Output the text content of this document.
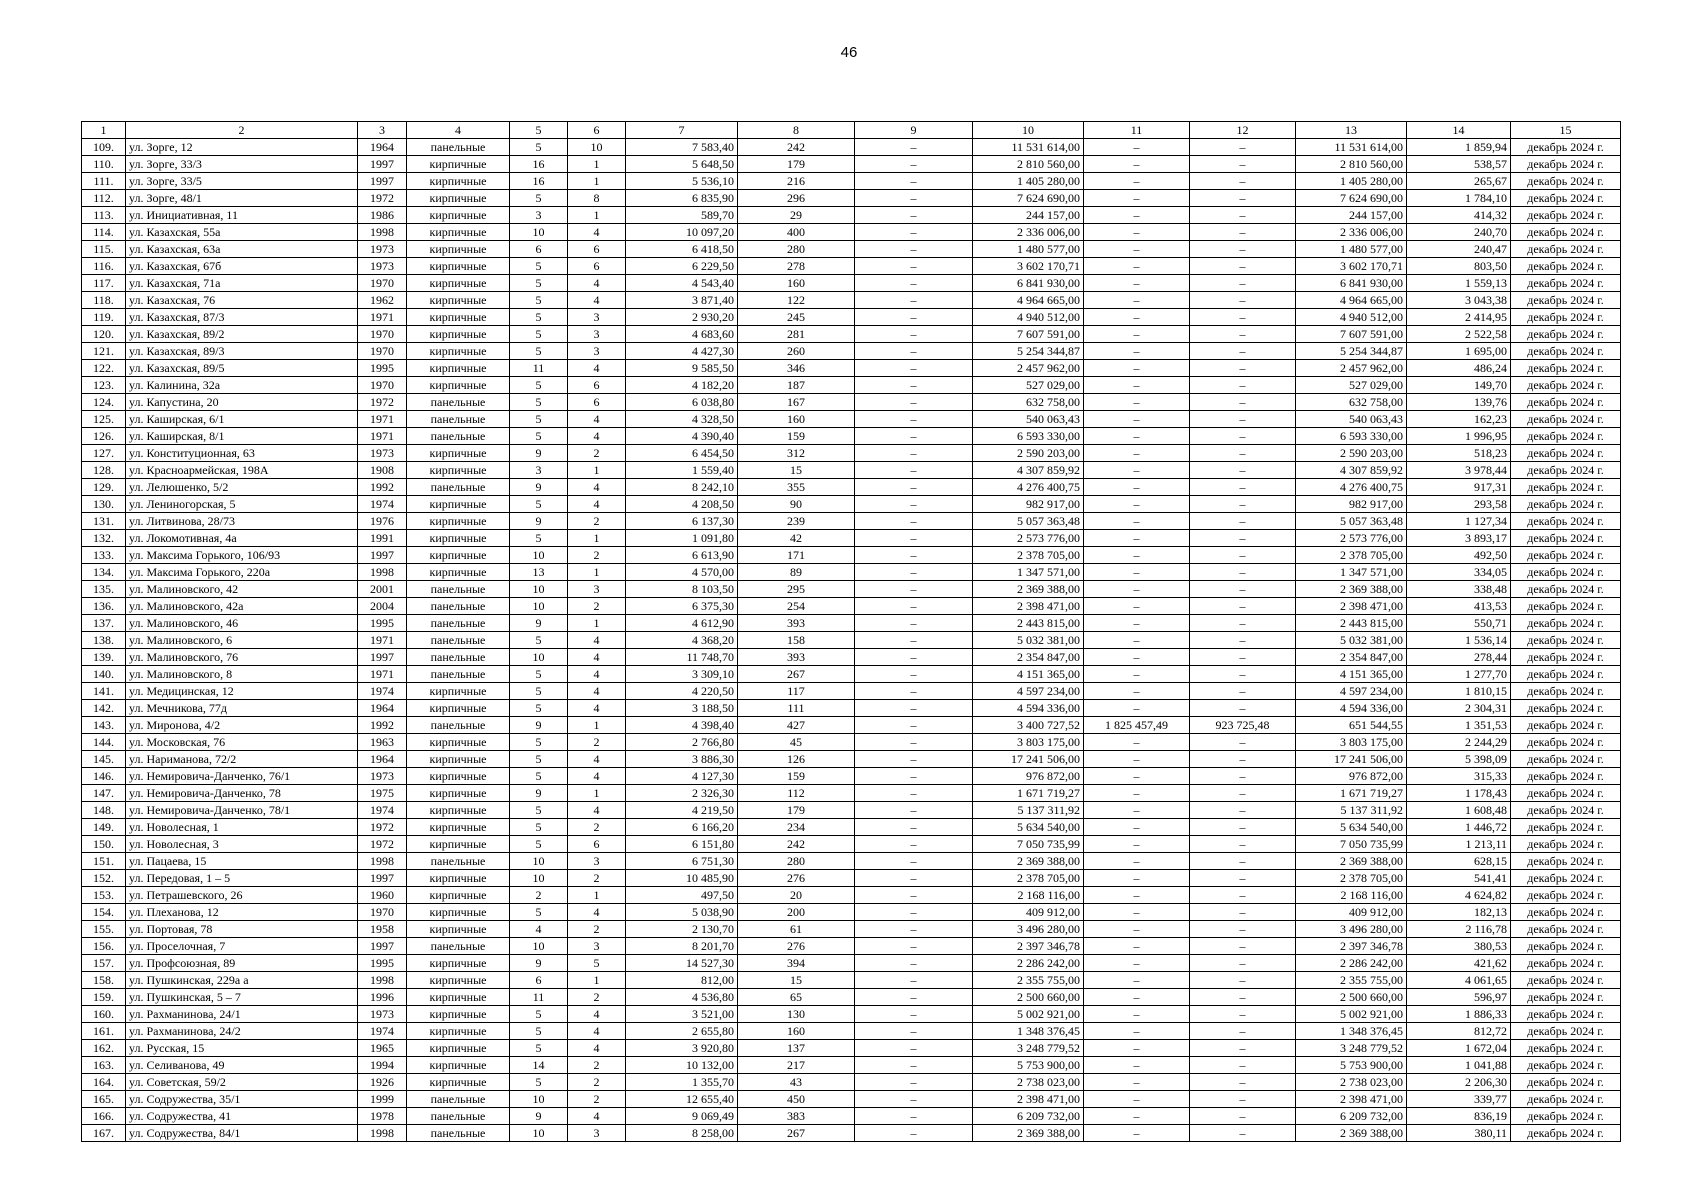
46
1	2	3	4	5	6	7	8	9	10	11	12	13	14	15
109.	ул. Зорге, 12	1964	панельные	5	10	7 583,40	242	–	11 531 614,00	–	–	11 531 614,00	1 859,94	декабрь 2024 г.
110.	ул. Зорге, 33/3	1997	кирпичные	16	1	5 648,50	179	–	2 810 560,00	–	–	2 810 560,00	538,57	декабрь 2024 г.
111.	ул. Зорге, 33/5	1997	кирпичные	16	1	5 536,10	216	–	1 405 280,00	–	–	1 405 280,00	265,67	декабрь 2024 г.
112.	ул. Зорге, 48/1	1972	кирпичные	5	8	6 835,90	296	–	7 624 690,00	–	–	7 624 690,00	1 784,10	декабрь 2024 г.
113.	ул. Инициативная, 11	1986	кирпичные	3	1	589,70	29	–	244 157,00	–	–	244 157,00	414,32	декабрь 2024 г.
114.	ул. Казахская, 55а	1998	кирпичные	10	4	10 097,20	400	–	2 336 006,00	–	–	2 336 006,00	240,70	декабрь 2024 г.
115.	ул. Казахская, 63а	1973	кирпичные	6	6	6 418,50	280	–	1 480 577,00	–	–	1 480 577,00	240,47	декабрь 2024 г.
116.	ул. Казахская, 67б	1973	кирпичные	5	6	6 229,50	278	–	3 602 170,71	–	–	3 602 170,71	803,50	декабрь 2024 г.
117.	ул. Казахская, 71а	1970	кирпичные	5	4	4 543,40	160	–	6 841 930,00	–	–	6 841 930,00	1 559,13	декабрь 2024 г.
118.	ул. Казахская, 76	1962	кирпичные	5	4	3 871,40	122	–	4 964 665,00	–	–	4 964 665,00	3 043,38	декабрь 2024 г.
119.	ул. Казахская, 87/3	1971	кирпичные	5	3	2 930,20	245	–	4 940 512,00	–	–	4 940 512,00	2 414,95	декабрь 2024 г.
120.	ул. Казахская, 89/2	1970	кирпичные	5	3	4 683,60	281	–	7 607 591,00	–	–	7 607 591,00	2 522,58	декабрь 2024 г.
121.	ул. Казахская, 89/3	1970	кирпичные	5	3	4 427,30	260	–	5 254 344,87	–	–	5 254 344,87	1 695,00	декабрь 2024 г.
122.	ул. Казахская, 89/5	1995	кирпичные	11	4	9 585,50	346	–	2 457 962,00	–	–	2 457 962,00	486,24	декабрь 2024 г.
123.	ул. Калинина, 32а	1970	кирпичные	5	6	4 182,20	187	–	527 029,00	–	–	527 029,00	149,70	декабрь 2024 г.
124.	ул. Капустина, 20	1972	панельные	5	6	6 038,80	167	–	632 758,00	–	–	632 758,00	139,76	декабрь 2024 г.
125.	ул. Каширская, 6/1	1971	панельные	5	4	4 328,50	160	–	540 063,43	–	–	540 063,43	162,23	декабрь 2024 г.
126.	ул. Каширская, 8/1	1971	панельные	5	4	4 390,40	159	–	6 593 330,00	–	–	6 593 330,00	1 996,95	декабрь 2024 г.
127.	ул. Конституционная, 63	1973	кирпичные	9	2	6 454,50	312	–	2 590 203,00	–	–	2 590 203,00	518,23	декабрь 2024 г.
128.	ул. Красноармейская, 198А	1908	кирпичные	3	1	1 559,40	15	–	4 307 859,92	–	–	4 307 859,92	3 978,44	декабрь 2024 г.
129.	ул. Лелюшенко, 5/2	1992	панельные	9	4	8 242,10	355	–	4 276 400,75	–	–	4 276 400,75	917,31	декабрь 2024 г.
130.	ул. Лениногорская, 5	1974	кирпичные	5	4	4 208,50	90	–	982 917,00	–	–	982 917,00	293,58	декабрь 2024 г.
131.	ул. Литвинова, 28/73	1976	кирпичные	9	2	6 137,30	239	–	5 057 363,48	–	–	5 057 363,48	1 127,34	декабрь 2024 г.
132.	ул. Локомотивная, 4а	1991	кирпичные	5	1	1 091,80	42	–	2 573 776,00	–	–	2 573 776,00	3 893,17	декабрь 2024 г.
133.	ул. Максима Горького, 106/93	1997	кирпичные	10	2	6 613,90	171	–	2 378 705,00	–	–	2 378 705,00	492,50	декабрь 2024 г.
134.	ул. Максима Горького, 220а	1998	кирпичные	13	1	4 570,00	89	–	1 347 571,00	–	–	1 347 571,00	334,05	декабрь 2024 г.
135.	ул. Малиновского, 42	2001	панельные	10	3	8 103,50	295	–	2 369 388,00	–	–	2 369 388,00	338,48	декабрь 2024 г.
136.	ул. Малиновского, 42а	2004	панельные	10	2	6 375,30	254	–	2 398 471,00	–	–	2 398 471,00	413,53	декабрь 2024 г.
137.	ул. Малиновского, 46	1995	панельные	9	1	4 612,90	393	–	2 443 815,00	–	–	2 443 815,00	550,71	декабрь 2024 г.
138.	ул. Малиновского, 6	1971	панельные	5	4	4 368,20	158	–	5 032 381,00	–	–	5 032 381,00	1 536,14	декабрь 2024 г.
139.	ул. Малиновского, 76	1997	панельные	10	4	11 748,70	393	–	2 354 847,00	–	–	2 354 847,00	278,44	декабрь 2024 г.
140.	ул. Малиновского, 8	1971	панельные	5	4	3 309,10	267	–	4 151 365,00	–	–	4 151 365,00	1 277,70	декабрь 2024 г.
141.	ул. Медицинская, 12	1974	кирпичные	5	4	4 220,50	117	–	4 597 234,00	–	–	4 597 234,00	1 810,15	декабрь 2024 г.
142.	ул. Мечникова, 77д	1964	кирпичные	5	4	3 188,50	111	–	4 594 336,00	–	–	4 594 336,00	2 304,31	декабрь 2024 г.
143.	ул. Миронова, 4/2	1992	панельные	9	1	4 398,40	427	–	3 400 727,52	1 825 457,49	923 725,48	651 544,55	1 351,53	декабрь 2024 г.
144.	ул. Московская, 76	1963	кирпичные	5	2	2 766,80	45	–	3 803 175,00	–	–	3 803 175,00	2 244,29	декабрь 2024 г.
145.	ул. Нариманова, 72/2	1964	кирпичные	5	4	3 886,30	126	–	17 241 506,00	–	–	17 241 506,00	5 398,09	декабрь 2024 г.
146.	ул. Немировича-Данченко, 76/1	1973	кирпичные	5	4	4 127,30	159	–	976 872,00	–	–	976 872,00	315,33	декабрь 2024 г.
147.	ул. Немировича-Данченко, 78	1975	кирпичные	9	1	2 326,30	112	–	1 671 719,27	–	–	1 671 719,27	1 178,43	декабрь 2024 г.
148.	ул. Немировича-Данченко, 78/1	1974	кирпичные	5	4	4 219,50	179	–	5 137 311,92	–	–	5 137 311,92	1 608,48	декабрь 2024 г.
149.	ул. Новолесная, 1	1972	кирпичные	5	2	6 166,20	234	–	5 634 540,00	–	–	5 634 540,00	1 446,72	декабрь 2024 г.
150.	ул. Новолесная, 3	1972	кирпичные	5	6	6 151,80	242	–	7 050 735,99	–	–	7 050 735,99	1 213,11	декабрь 2024 г.
151.	ул. Пацаева, 15	1998	панельные	10	3	6 751,30	280	–	2 369 388,00	–	–	2 369 388,00	628,15	декабрь 2024 г.
152.	ул. Передовая, 1 – 5	1997	кирпичные	10	2	10 485,90	276	–	2 378 705,00	–	–	2 378 705,00	541,41	декабрь 2024 г.
153.	ул. Петрашевского, 26	1960	кирпичные	2	1	497,50	20	–	2 168 116,00	–	–	2 168 116,00	4 624,82	декабрь 2024 г.
154.	ул. Плеханова, 12	1970	кирпичные	5	4	5 038,90	200	–	409 912,00	–	–	409 912,00	182,13	декабрь 2024 г.
155.	ул. Портовая, 78	1958	кирпичные	4	2	2 130,70	61	–	3 496 280,00	–	–	3 496 280,00	2 116,78	декабрь 2024 г.
156.	ул. Проселочная, 7	1997	панельные	10	3	8 201,70	276	–	2 397 346,78	–	–	2 397 346,78	380,53	декабрь 2024 г.
157.	ул. Профсоюзная, 89	1995	кирпичные	9	5	14 527,30	394	–	2 286 242,00	–	–	2 286 242,00	421,62	декабрь 2024 г.
158.	ул. Пушкинская, 229а а	1998	кирпичные	6	1	812,00	15	–	2 355 755,00	–	–	2 355 755,00	4 061,65	декабрь 2024 г.
159.	ул. Пушкинская, 5 – 7	1996	кирпичные	11	2	4 536,80	65	–	2 500 660,00	–	–	2 500 660,00	596,97	декабрь 2024 г.
160.	ул. Рахманинова, 24/1	1973	кирпичные	5	4	3 521,00	130	–	5 002 921,00	–	–	5 002 921,00	1 886,33	декабрь 2024 г.
161.	ул. Рахманинова, 24/2	1974	кирпичные	5	4	2 655,80	160	–	1 348 376,45	–	–	1 348 376,45	812,72	декабрь 2024 г.
162.	ул. Русская, 15	1965	кирпичные	5	4	3 920,80	137	–	3 248 779,52	–	–	3 248 779,52	1 672,04	декабрь 2024 г.
163.	ул. Селиванова, 49	1994	кирпичные	14	2	10 132,00	217	–	5 753 900,00	–	–	5 753 900,00	1 041,88	декабрь 2024 г.
164.	ул. Советская, 59/2	1926	кирпичные	5	2	1 355,70	43	–	2 738 023,00	–	–	2 738 023,00	2 206,30	декабрь 2024 г.
165.	ул. Содружества, 35/1	1999	панельные	10	2	12 655,40	450	–	2 398 471,00	–	–	2 398 471,00	339,77	декабрь 2024 г.
166.	ул. Содружества, 41	1978	панельные	9	4	9 069,49	383	–	6 209 732,00	–	–	6 209 732,00	836,19	декабрь 2024 г.
167.	ул. Содружества, 84/1	1998	панельные	10	3	8 258,00	267	–	2 369 388,00	–	–	2 369 388,00	380,11	декабрь 2024 г.
